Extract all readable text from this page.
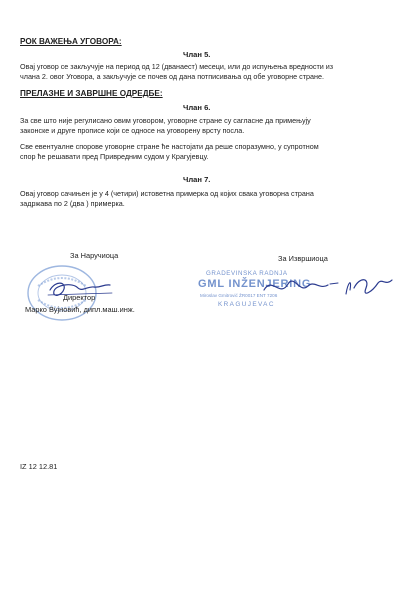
РОК ВАЖЕЊА УГОВОРА:
Члан 5.
Овај уговор се закључује на период од 12 (дванаест) месеци, или до испуњења вредности из
члана 2. овог Уговора, а закључује се почев од дана потписивања од обе уговорне стране.
ПРЕЛАЗНЕ И ЗАВРШНЕ ОДРЕДБЕ:
Члан 6.
За све што није регулисано овим уговором, уговорне стране су сагласне да примењују
законске и друге прописе који се односе на уговорену врсту посла.
Све евентуалне спорове уговорне стране ће настојати да реше споразумно, у супротном
спор ће решавати пред Привредним судом у Крагујевцу.
Члан 7.
Овај уговор сачињен је у 4 (четири) истоветна примерка од којих свака уговорна страна
задржава по 2 (два ) примерка.
За Наручиоца
Директор
Марко Вујновић, дипл.маш.инж.
За Извршиоца
GRADEVINSKA RADNJA
GML INŽENJERING
Miroslav Gmitrović ŽR0017 ENT 7206
KRAGUJEVAC
IZ 12 12.81
